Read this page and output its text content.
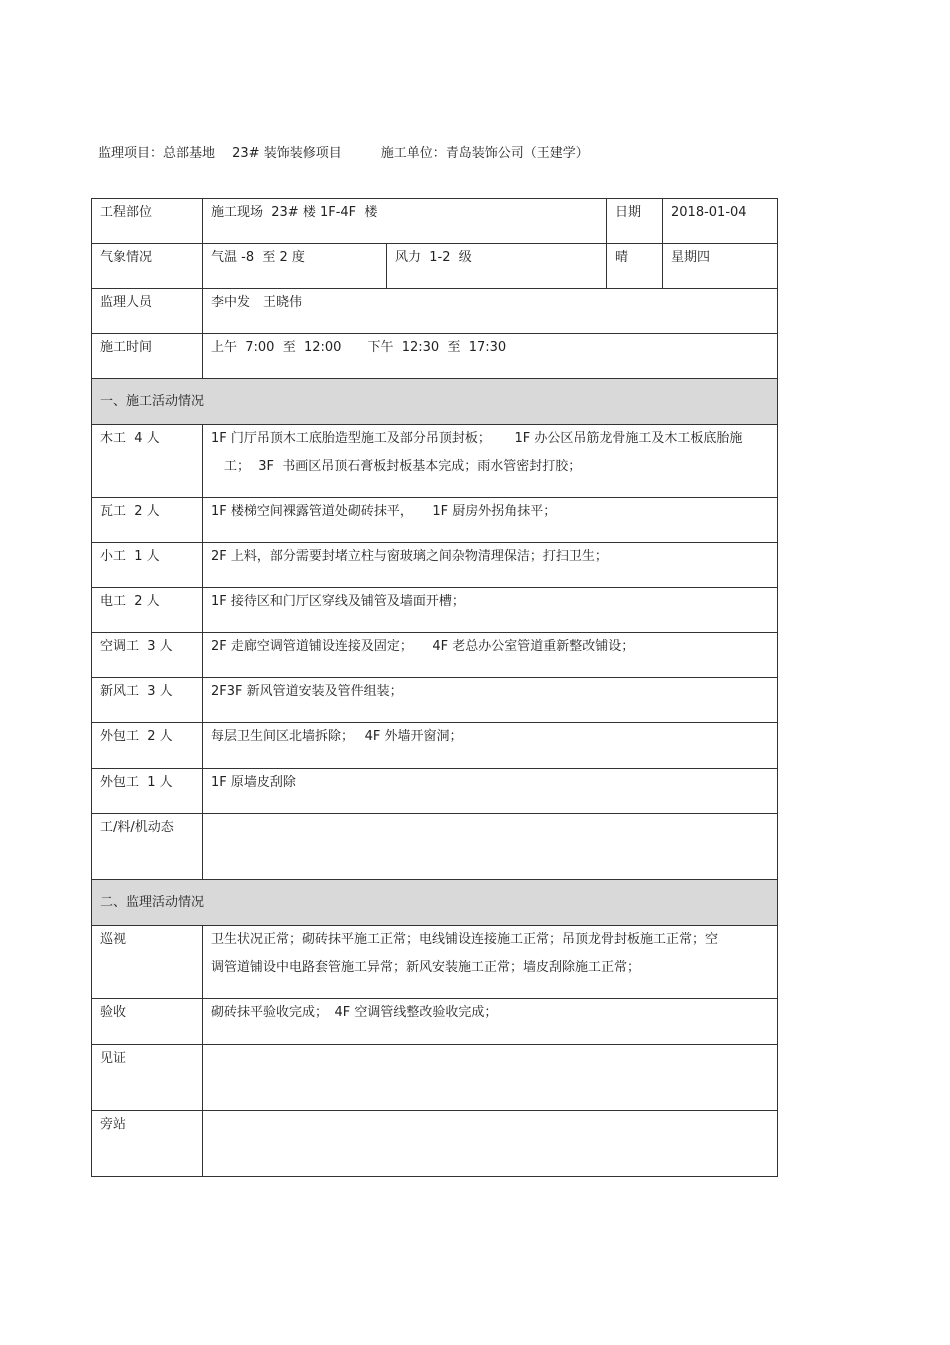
监理项目：总部基地　 23# 装饰装修项目　　　施工单位：青岛装饰公司（王建学）
工程部位	施工现场  23# 楼 1F-4F  楼		日期	2018-01-04
气象情况	气温 -8  至 2 度	风力  1-2  级	晴	星期四
监理人员	李中发　王晓伟			
施工时间	上午  7:00  至  12:00　　下午  12:30  至  17:30			
一、施工活动情况				
木工  4 人	1F 门厅吊顶木工底胎造型施工及部分吊顶封板；　　 1F 办公区吊筋龙骨施工及木工板底胎施
工；  3F  书画区吊顶石膏板封板基本完成；雨水管密封打胶；			

瓦工  2 人	1F 楼梯空间裸露管道处砌砖抹平，　　1F 厨房外拐角抹平；			
小工  1 人	2F 上料，部分需要封堵立柱与窗玻璃之间杂物清理保洁；打扫卫生；			
电工  2 人	1F 接待区和门厅区穿线及铺管及墙面开槽；			
空调工  3 人	2F 走廊空调管道铺设连接及固定；　　4F 老总办公室管道重新整改铺设；			
新风工  3 人	2F3F 新风管道安装及管件组装；			
外包工  2 人	每层卫生间区北墙拆除；　 4F 外墙开窗洞；			
外包工  1 人	1F 原墙皮刮除			
工/料/机动态				
二、监理活动情况				
巡视	卫生状况正常；砌砖抹平施工正常；电线铺设连接施工正常；吊顶龙骨封板施工正常；空
调管道铺设中电路套管施工异常；新风安装施工正常；墙皮刮除施工正常；			

验收	砌砖抹平验收完成；　4F 空调管线整改验收完成；			
见证				
旁站				
